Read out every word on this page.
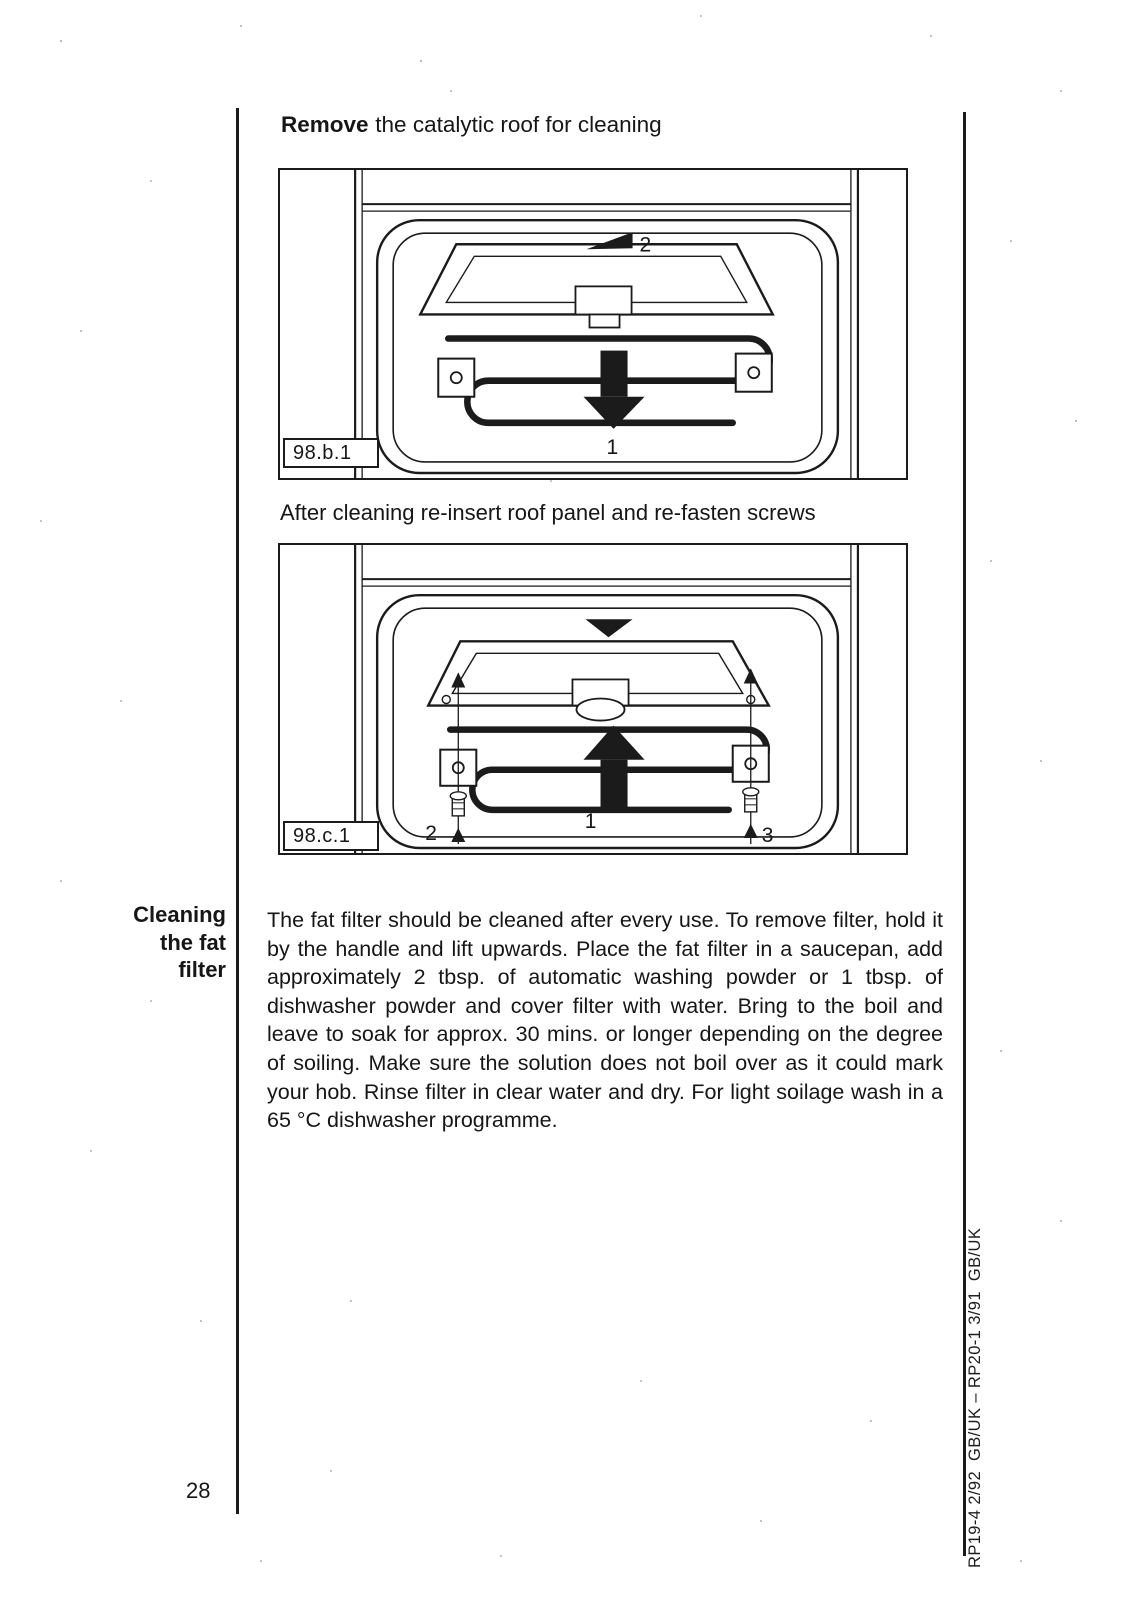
Remove the catalytic roof for cleaning
2
1
98.b.1
After cleaning re-insert roof panel and re-fasten screws
1
2	3
98.c.1
Cleaning
the fat
filter
The fat filter should be cleaned after every use. To remove filter, hold it by the handle and lift upwards. Place the fat filter in a saucepan, add approximately 2 tbsp. of automatic washing powder or 1 tbsp. of dishwasher powder and cover filter with water. Bring to the boil and leave to soak for approx. 30 mins. or longer depending on the degree of soiling. Make sure the solution does not boil over as it could mark your hob. Rinse filter in clear water and dry. For light soilage wash in a 65 °C dishwasher programme.
28	RP19-4 2/92  GB/UK – RP20-1 3/91  GB/UK
